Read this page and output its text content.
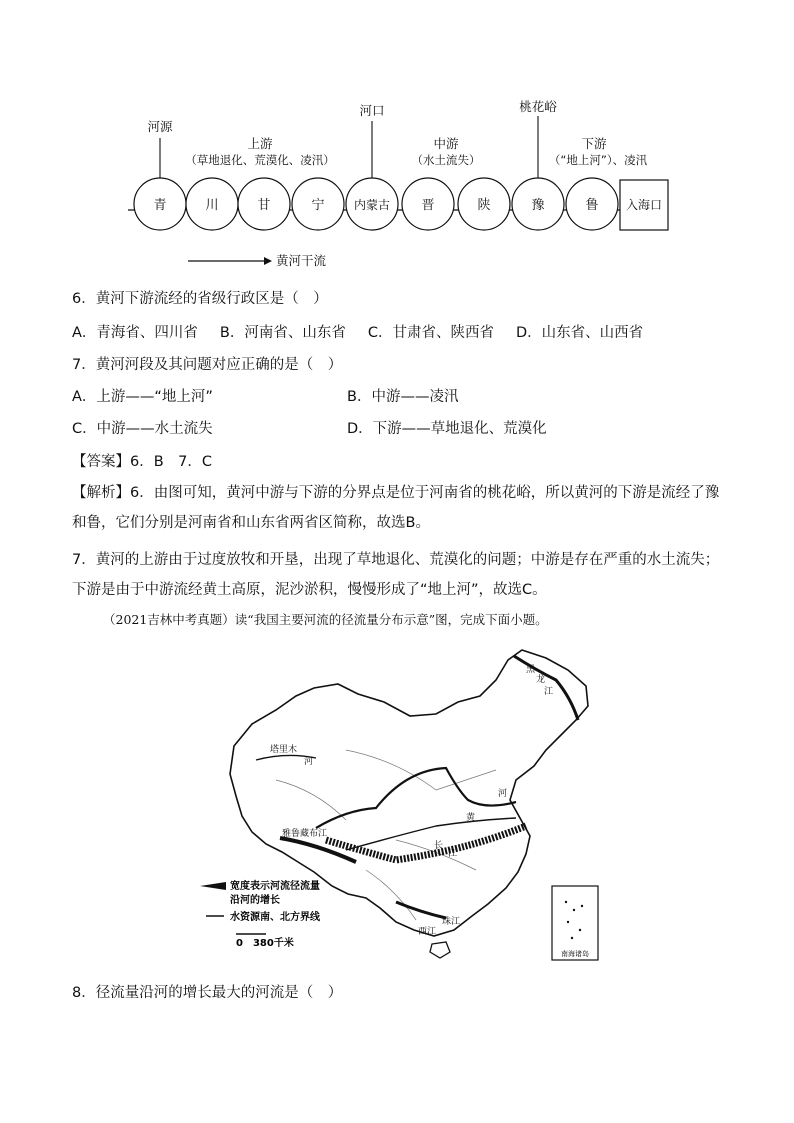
青	川	甘	宁 内蒙古 晋	陕	豫	鲁 入海口
河源
河口	桃花峪
上游
（草地退化、荒漠化、凌汛）
中游
（水土流失）
下游
（“地上河”）、凌汛
黄河干流
6．黄河下游流经的省级行政区是（　）
A．青海省、四川省 B．河南省、山东省 C．甘肃省、陕西省 D．山东省、山西省
7．黄河河段及其问题对应正确的是（　）
A．上游——“地上河”	B．中游——凌汛
C．中游——水土流失	D．下游——草地退化、荒漠化
【答案】6．B　7．C
【解析】6．由图可知，黄河中游与下游的分界点是位于河南省的桃花峪，所以黄河的下游是流经了豫和鲁，它们分别是河南省和山东省两省区简称，故选B。
7．黄河的上游由于过度放牧和开垦，出现了草地退化、荒漠化的问题；中游是存在严重的水土流失；下游是由于中游流经黄土高原，泥沙淤积，慢慢形成了“地上河”，故选C。
（2021吉林中考真题）读“我国主要河流的径流量分布示意”图，完成下面小题。
黑
龙
江
塔里木
河
黄
河
长
江
雅鲁藏布江
珠江
西江
南海诸岛
宽度表示河流径流量
沿河的增长
水资源南、北方界线
0　380千米
8．径流量沿河的增长最大的河流是（　）
